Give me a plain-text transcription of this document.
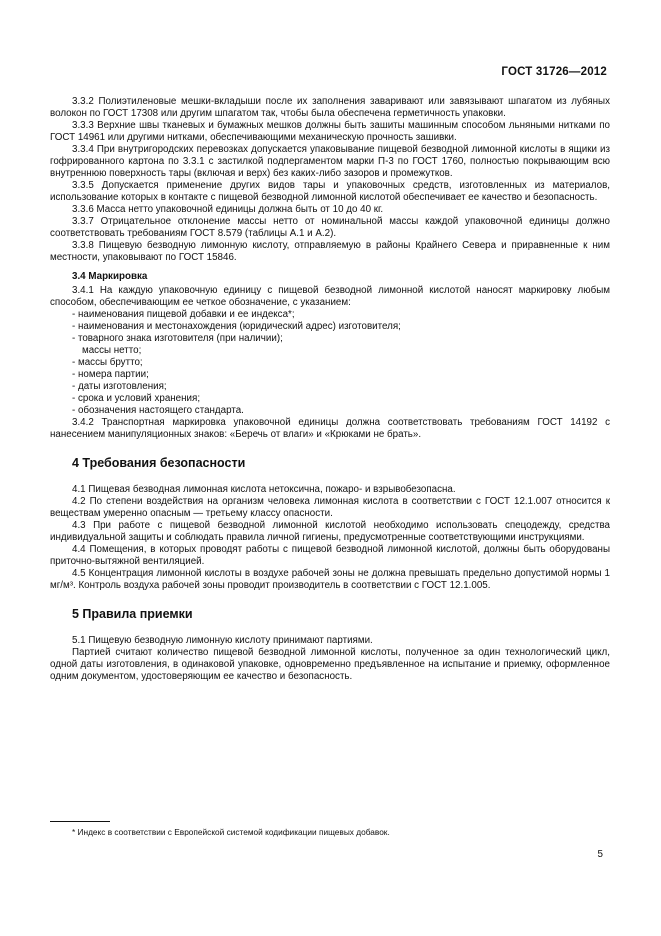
ГОСТ 31726—2012

3.3.2 Полиэтиленовые мешки-вкладыши после их заполнения заваривают или завязывают шпагатом из лубяных волокон по ГОСТ 17308 или другим шпагатом так, чтобы была обеспечена герметичность упаковки.

3.3.3 Верхние швы тканевых и бумажных мешков должны быть зашиты машинным способом льняными нитками по ГОСТ 14961 или другими нитками, обеспечивающими механическую прочность зашивки.

3.3.4 При внутригородских перевозках допускается упаковывание пищевой безводной лимонной кислоты в ящики из гофрированного картона по 3.3.1 с застилкой подпергаментом марки П-3 по ГОСТ 1760, полностью покрывающим всю внутреннюю поверхность тары (включая и верх) без каких-либо зазоров и промежутков.

3.3.5 Допускается применение других видов тары и упаковочных средств, изготовленных из материалов, использование которых в контакте с пищевой безводной лимонной кислотой обеспечивает ее качество и безопасность.

3.3.6 Масса нетто упаковочной единицы должна быть от 10 до 40 кг.

3.3.7 Отрицательное отклонение массы нетто от номинальной массы каждой упаковочной единицы должно соответствовать требованиям ГОСТ 8.579 (таблицы А.1 и А.2).

3.3.8 Пищевую безводную лимонную кислоту, отправляемую в районы Крайнего Севера и приравненные к ним местности, упаковывают по ГОСТ 15846.

3.4 Маркировка

3.4.1 На каждую упаковочную единицу с пищевой безводной лимонной кислотой наносят маркировку любым способом, обеспечивающим ее четкое обозначение, с указанием:

- наименования пищевой добавки и ее индекса*;

- наименования и местонахождения (юридический адрес) изготовителя;

- товарного знака изготовителя (при наличии);

массы нетто;

- массы брутто;

- номера партии;

- даты изготовления;

- срока и условий хранения;

- обозначения настоящего стандарта.

3.4.2 Транспортная маркировка упаковочной единицы должна соответствовать требованиям ГОСТ 14192 с нанесением манипуляционных знаков: «Беречь от влаги» и «Крюками не брать».

4 Требования безопасности

4.1 Пищевая безводная лимонная кислота нетоксична, пожаро- и взрывобезопасна.

4.2 По степени воздействия на организм человека лимонная кислота в соответствии с ГОСТ 12.1.007 относится к веществам умеренно опасным — третьему классу опасности.

4.3 При работе с пищевой безводной лимонной кислотой необходимо использовать спецодежду, средства индивидуальной защиты и соблюдать правила личной гигиены, предусмотренные соответствующими инструкциями.

4.4 Помещения, в которых проводят работы с пищевой безводной лимонной кислотой, должны быть оборудованы приточно-вытяжной вентиляцией.

4.5 Концентрация лимонной кислоты в воздухе рабочей зоны не должна превышать предельно допустимой нормы 1 мг/м³. Контроль воздуха рабочей зоны проводит производитель в соответствии с ГОСТ 12.1.005.

5 Правила приемки

5.1 Пищевую безводную лимонную кислоту принимают партиями.

Партией считают количество пищевой безводной лимонной кислоты, полученное за один технологический цикл, одной даты изготовления, в одинаковой упаковке, одновременно предъявленное на испытание и приемку, оформленное одним документом, удостоверяющим ее качество и безопасность.

* Индекс в соответствии с Европейской системой кодификации пищевых добавок.
5
